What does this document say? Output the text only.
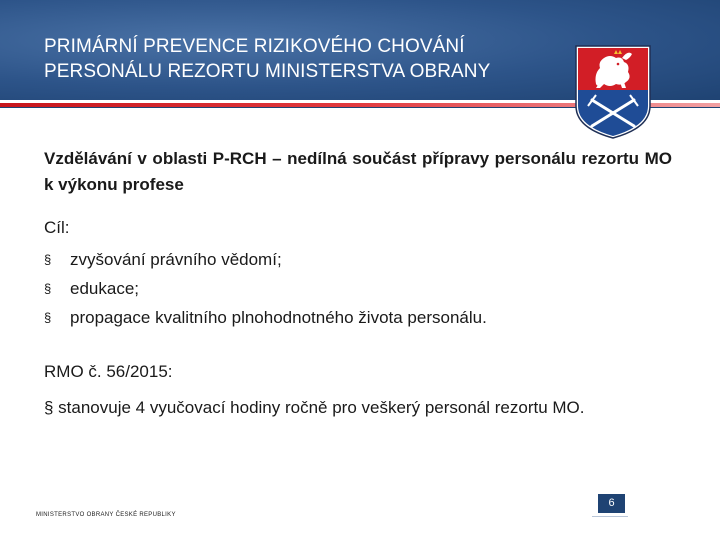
PRIMÁRNÍ PREVENCE RIZIKOVÉHO CHOVÁNÍ
PERSONÁLU REZORTU MINISTERSTVA OBRANY
Vzdělávání v oblasti P-RCH – nedílná součást přípravy personálu rezortu MO k výkonu profese
Cíl:
§	zvyšování právního vědomí;
§	edukace;
§	propagace kvalitního plnohodnotného života personálu.
RMO č. 56/2015:
§ stanovuje 4 vyučovací hodiny ročně pro veškerý personál rezortu MO.
MINISTERSTVO OBRANY ČESKÉ REPUBLIKY
6
